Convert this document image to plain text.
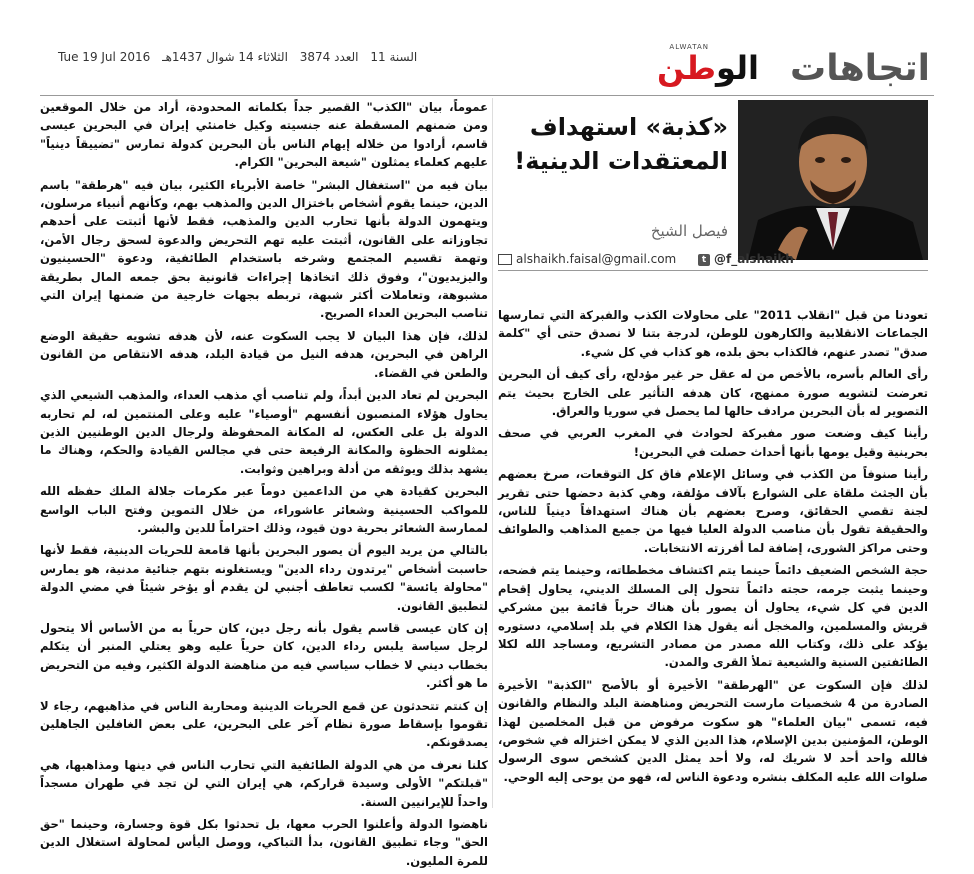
اتجاهات
ALWATAN
الوطن
السنة 11 العدد 3874 الثلاثاء 14 شوال 1437هـ Tue 19 Jul 2016
«كذبة» استهداف المعتقدات الدينية!
فيصل الشيخ
t @f_alshaikh
alshaikh.faisal@gmail.com

تعودنا من قبل "انقلاب 2011" على محاولات الكذب والفبركة التي تمارسها الجماعات الانقلابية والكارهون للوطن، لدرجة بتنا لا نصدق حتى أي "كلمة صدق" تصدر عنهم، فالكذاب بحق بلده، هو كذاب في كل شيء.

رأى العالم بأسره، بالأخص من له عقل حر غير مؤدلج، رأى كيف أن البحرين تعرضت لتشويه صورة ممنهج، كان هدفه التأثير على الخارج بحيث يتم التصوير له بأن البحرين مرادف حالها لما يحصل في سوريا والعراق.

رأينا كيف وضعت صور مفبركة لحوادث في المغرب العربي في صحف بحرينية وقيل يومها بأنها أحداث حصلت في البحرين!

رأينا صنوفاً من الكذب في وسائل الإعلام فاق كل التوقعات، صرخ بعضهم بأن الجثث ملقاة على الشوارع بآلاف مؤلفة، وهي كذبة دحضها حتى تقرير لجنة تقصي الحقائق، وصرح بعضهم بأن هناك استهدافاً دينياً للناس، والحقيقة تقول بأن مناصب الدولة العليا فيها من جميع المذاهب والطوائف وحتى مراكز الشورى، إضافة لما أفرزته الانتخابات.

حجة الشخص الضعيف دائماً حينما يتم اكتشاف مخططاته، وحينما يتم فضحه، وحينما يثبت جرمه، حجته دائماً تتحول إلى المسلك الديني، يحاول إقحام الدين في كل شيء، يحاول أن يصور بأن هناك حرباً قائمة بين مشركي قريش والمسلمين، والمخجل أنه يقول هذا الكلام في بلد إسلامي، دستوره يؤكد على ذلك، وكتاب الله مصدر من مصادر التشريع، ومساجد الله لكلا الطائفتين السنية والشيعية تملأ القرى والمدن.

لذلك فإن السكوت عن "الهرطقة" الأخيرة أو بالأصح "الكذبة" الأخيرة الصادرة من 4 شخصيات مارست التحريض ومناهضة البلد والنظام والقانون فيه، تسمى "بيان العلماء" هو سكوت مرفوض من قبل المخلصين لهذا الوطن، المؤمنين بدين الإسلام، هذا الدين الذي لا يمكن اختزاله في شخوص، فالله واحد أحد لا شريك له، ولا أحد يمثل الدين كشخص سوى الرسول صلوات الله عليه المكلف بنشره ودعوة الناس له، فهو من يوحى إليه الوحي.

عموماً، بيان "الكذب" القصير جداً بكلماته المحدودة، أراد من خلال الموقعين ومن ضمنهم المسقطة عنه جنسيته وكيل خامنئي إيران في البحرين عيسى قاسم، أرادوا من خلاله إيهام الناس بأن البحرين كدولة تمارس "تضييقاً دينياً" عليهم كعلماء يمثلون "شيعة البحرين" الكرام.

بيان فيه من "استغفال البشر" خاصة الأبرياء الكثير، بيان فيه "هرطقة" باسم الدين، حينما يقوم أشخاص باختزال الدين والمذهب بهم، وكأنهم أنبياء مرسلون، ويتهمون الدولة بأنها تحارب الدين والمذهب، فقط لأنها أثبتت على أحدهم تجاوزاته على القانون، أثبتت عليه تهم التحريض والدعوة لسحق رجال الأمن، وتهمة تقسيم المجتمع وشرخه باستخدام الطائفية، ودعوة "الحسينيون واليزيديون"، وفوق ذلك اتخاذها إجراءات قانونية بحق جمعه المال بطريقة مشبوهة، وتعاملات أكثر شبهة، تربطه بجهات خارجية من ضمنها إيران التي تناصب البحرين العداء الصريح.

لذلك، فإن هذا البيان لا يجب السكوت عنه، لأن هدفه تشويه حقيقة الوضع الراهن في البحرين، هدفه النيل من قيادة البلد، هدفه الانتقاص من القانون والطعن في القضاء.

البحرين لم تعاد الدين أبداً، ولم تناصب أي مذهب العداء، والمذهب الشيعي الذي يحاول هؤلاء المنصبون أنفسهم "أوصياء" عليه وعلى المنتمين له، لم تحاربه الدولة بل على العكس، له المكانة المحفوظة ولرجال الدين الوطنيين الذين يمثلونه الحظوة والمكانة الرفيعة حتى في مجالس القيادة والحكم، وهناك ما يشهد بذلك ويوثقه من أدلة وبراهين وثوابت.

البحرين كقيادة هي من الداعمين دوماً عبر مكرمات جلالة الملك حفظه الله للمواكب الحسينية وشعائر عاشوراء، من خلال التموين وفتح الباب الواسع لممارسة الشعائر بحرية دون قيود، وذلك احتراماً للدين والبشر.

بالتالي من يريد اليوم أن يصور البحرين بأنها قامعة للحريات الدينية، فقط لأنها حاسبت أشخاص "يرتدون رداء الدين" ويستغلونه بتهم جنائية مدنية، هو يمارس "محاولة يائسة" لكسب تعاطف أجنبي لن يقدم أو يؤخر شيئاً في مضي الدولة لتطبيق القانون.

إن كان عيسى قاسم يقول بأنه رجل دين، كان حرياً به من الأساس ألا يتحول لرجل سياسة يلبس رداء الدين، كان حرياً عليه وهو يعتلي المنبر أن يتكلم بخطاب ديني لا خطاب سياسي فيه من مناهضة الدولة الكثير، وفيه من التحريض ما هو أكثر.

إن كنتم تتحدثون عن قمع الحريات الدينية ومحاربة الناس في مذاهبهم، رجاء لا تقوموا بإسقاط صورة نظام آخر على البحرين، على بعض الغافلين الجاهلين يصدقونكم.

كلنا نعرف من هي الدولة الطائفية التي تحارب الناس في دينها ومذاهبها، هي "قبلتكم" الأولى وسيدة قراركم، هي إيران التي لن تجد في طهران مسجداً واحداً للإيرانيين السنة.

ناهضوا الدولة وأعلنوا الحرب معها، بل تحدثوا بكل قوة وجسارة، وحينما "حق الحق" وجاء تطبيق القانون، بدأ التباكي، ووصل اليأس لمحاولة استغلال الدين للمرة المليون.
